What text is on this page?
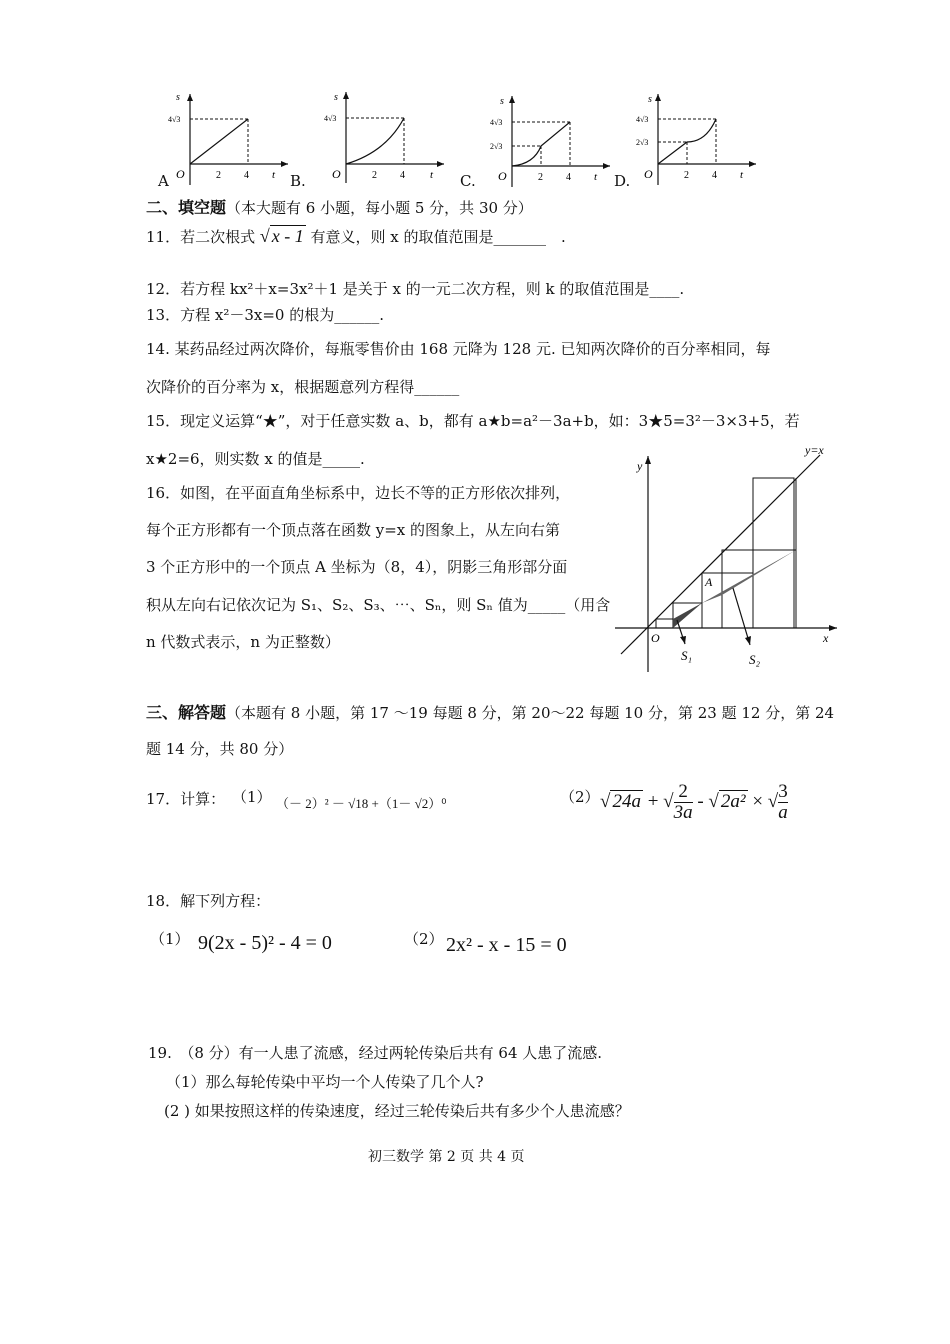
s
4√3
2 4 t
O
A
s
4√3
2 4 t
O
B.
s
4√3
2√3
2 4 t
O
C.
s
4√3
2√3
2 4 t
O
D.
二、填空题（本大题有 6 小题，每小题 5 分，共 30 分）
11．若二次根式 √ x - 1 有意义，则 x 的取值范围是_______　.
12．若方程 kx²＋x=3x²＋1 是关于 x 的一元二次方程，则 k 的取值范围是____.
13．方程 x²－3x=0 的根为______.
14. 某药品经过两次降价，每瓶零售价由 168 元降为 128 元. 已知两次降价的百分率相同，每
次降价的百分率为 x，根据题意列方程得______
15．现定义运算“★”，对于任意实数 a、b，都有 a★b=a²－3a+b，如：3★5=3²－3×3+5，若
x★2=6，则实数 x 的值是_____.
16．如图，在平面直角坐标系中，边长不等的正方形依次排列，
每个正方形都有一个顶点落在函数 y=x 的图象上，从左向右第
3 个正方形中的一个顶点 A 坐标为（8，4），阴影三角形部分面
积从左向右记依次记为 S₁、S₂、S₃、⋯、Sₙ，则 Sₙ 值为_____（用含
n 代数式表示，n 为正整数）
y
y=x
x
O
A
S₁	S₂
三、解答题（本题有 8 小题，第 17 ～19 每题 8 分，第 20～22 每题 10 分，第 23 题 12 分，第 24
题 14 分，共 80 分）
17．计算： （1） （－ 2）² － √18 +（1－ √2）⁰	（2） √ 24a + √ $\frac{2}{3a}$ - √ 2a² × √ $\frac{3}{a}$
18．解下列方程：
（1） 9(2x - 5)² - 4 = 0	（2） 2x² - x - 15 = 0
19.　（8 分）有一人患了流感，经过两轮传染后共有 64 人患了流感.
（1）那么每轮传染中平均一个人传染了几个人?
(2 ) 如果按照这样的传染速度，经过三轮传染后共有多少个人患流感？
初三数学 第 2 页 共 4 页
